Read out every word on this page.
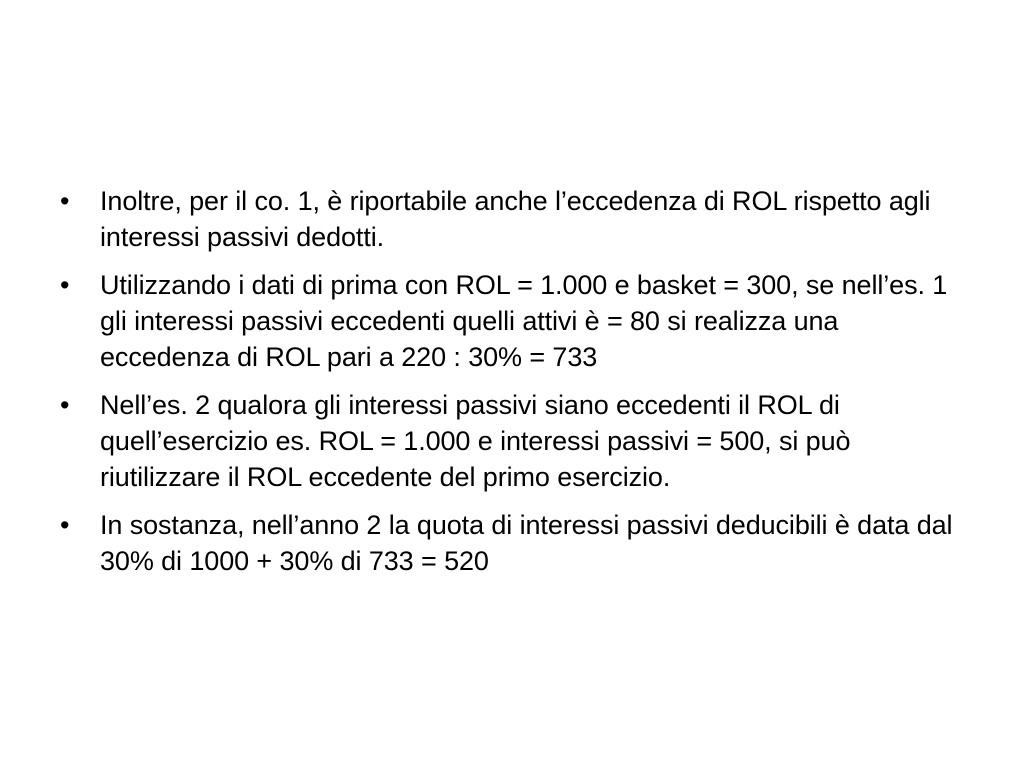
•	Inoltre, per il co. 1, è riportabile anche l’eccedenza di ROL rispetto agli interessi passivi dedotti.
•	Utilizzando i dati di prima con ROL = 1.000 e basket = 300, se nell’es. 1 gli interessi passivi eccedenti quelli attivi è = 80 si realizza una eccedenza di ROL pari a 220 : 30% = 733
•	Nell’es. 2 qualora gli interessi passivi siano eccedenti il ROL di quell’esercizio es. ROL = 1.000 e interessi passivi = 500, si può riutilizzare il ROL eccedente del primo esercizio.
•	In sostanza, nell’anno 2 la quota di interessi passivi deducibili è data dal 30% di 1000 + 30% di 733 = 520
